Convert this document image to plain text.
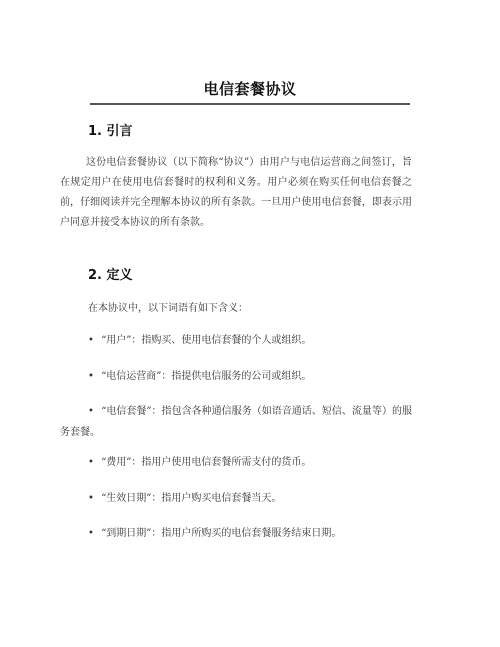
电信套餐协议
1. 引言
这份电信套餐协议（以下简称“协议”）由用户与电信运营商之间签订，旨在规定用户在使用电信套餐时的权利和义务。用户必须在购买任何电信套餐之前，仔细阅读并完全理解本协议的所有条款。一旦用户使用电信套餐，即表示用户同意并接受本协议的所有条款。
2. 定义
在本协议中，以下词语有如下含义：
• “用户”：指购买、使用电信套餐的个人或组织。
• “电信运营商”：指提供电信服务的公司或组织。
• “电信套餐”：指包含各种通信服务（如语音通话、短信、流量等）的服务套餐。
• “费用”：指用户使用电信套餐所需支付的货币。
• “生效日期”：指用户购买电信套餐当天。
• “到期日期”：指用户所购买的电信套餐服务结束日期。
